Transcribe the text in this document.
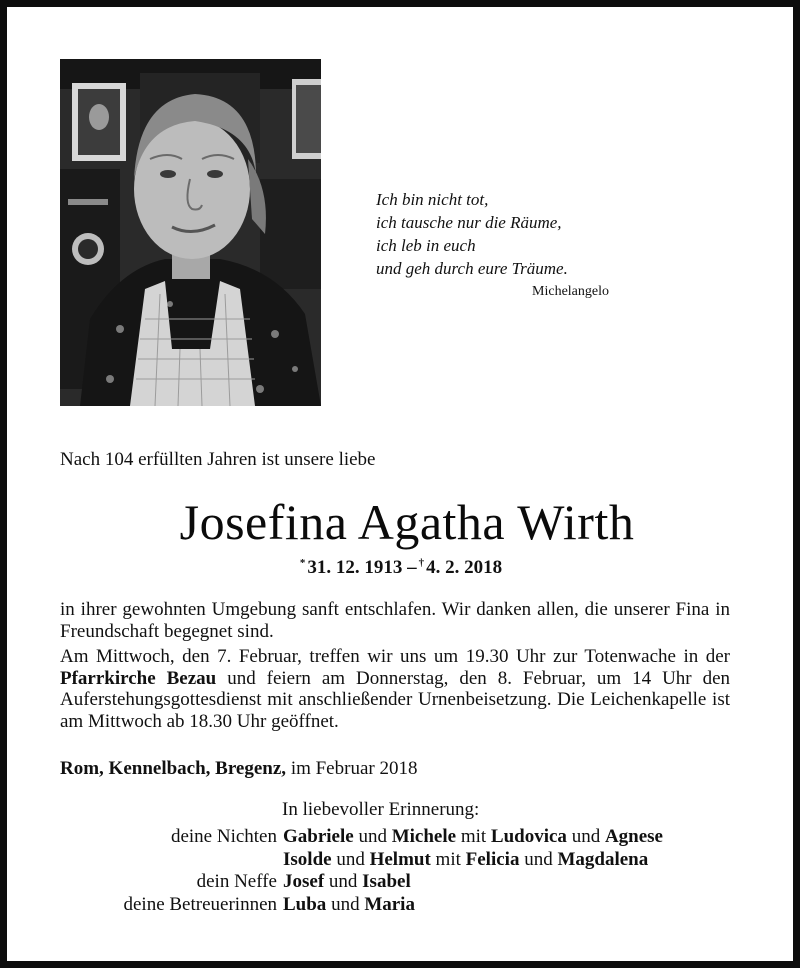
Ich bin nicht tot,
ich tausche nur die Räume,
ich leb in euch
und geh durch eure Träume.
Michelangelo
Nach 104 erfüllten Jahren ist unsere liebe
Josefina Agatha Wirth
* 31. 12. 1913 – † 4. 2. 2018

in ihrer gewohnten Umgebung sanft entschlafen. Wir danken allen, die unserer Fina in Freundschaft begegnet sind.

Am Mittwoch, den 7. Februar, treffen wir uns um 19.30 Uhr zur Totenwache in der Pfarrkirche Bezau und feiern am Donnerstag, den 8. Februar, um 14 Uhr den Auferstehungsgottesdienst mit anschließender Urnenbeisetzung. Die Leichenkapelle ist am Mittwoch ab 18.30 Uhr geöffnet.

Rom, Kennelbach, Bregenz, im Februar 2018
In liebevoller Erinnerung:
deine Nichten Gabriele und Michele mit Ludovica und Agnese
Isolde und Helmut mit Felicia und Magdalena
dein Neffe Josef und Isabel
deine Betreuerinnen Luba und Maria
